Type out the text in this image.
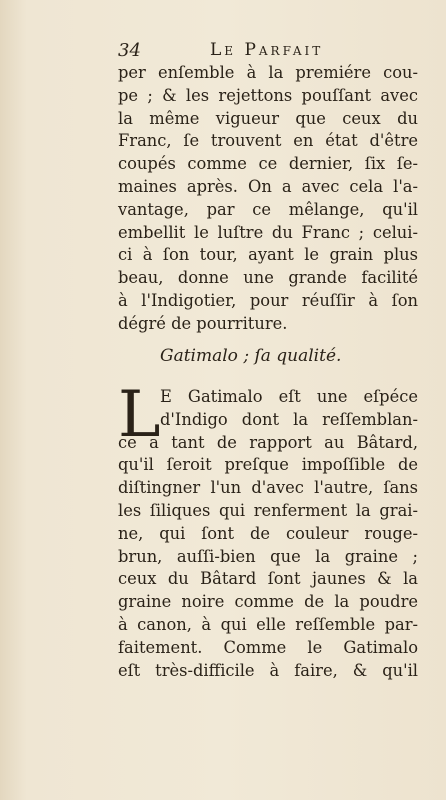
34	Le Parfait
per enſemble à la premiére cou-
pe ; & les rejettons pouſſant avec
la même vigueur que ceux du
Franc, ſe trouvent en état d'être
coupés comme ce dernier, ſix ſe-
maines après. On a avec cela l'a-
vantage, par ce mêlange, qu'il
embellit le luſtre du Franc ; celui-
ci à ſon tour, ayant le grain plus
beau, donne une grande facilité
à l'Indigotier, pour réuſſir à ſon
dégré de pourriture.
Gatimalo ; ſa qualité.
L E Gatimalo eſt une eſpéce
d'Indigo dont la reſſemblan-
ce a tant de rapport au Bâtard,
qu'il ſeroit preſque impoſſible de
diſtingner l'un d'avec l'autre, ſans
les ſiliques qui renferment la grai-
ne, qui ſont de couleur rouge-
brun, auſſi-bien que la graine ;
ceux du Bâtard ſont jaunes & la
graine noire comme de la poudre
à canon, à qui elle reſſemble par-
faitement. Comme le Gatimalo
eſt très-difficile à faire, & qu'il
